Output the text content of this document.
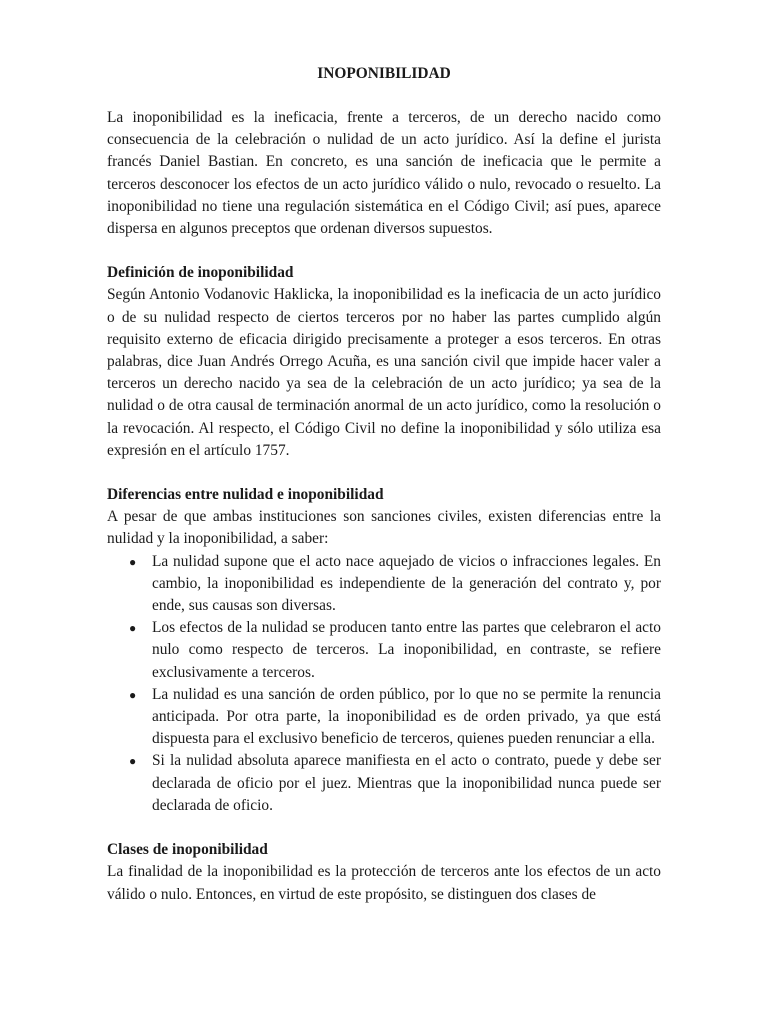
INOPONIBILIDAD

La inoponibilidad es la ineficacia, frente a terceros, de un derecho nacido como consecuencia de la celebración o nulidad de un acto jurídico. Así la define el jurista francés Daniel Bastian. En concreto, es una sanción de ineficacia que le permite a terceros desconocer los efectos de un acto jurídico válido o nulo, revocado o resuelto. La inoponibilidad no tiene una regulación sistemática en el Código Civil; así pues, aparece dispersa en algunos preceptos que ordenan diversos supuestos.

Definición de inoponibilidad

Según Antonio Vodanovic Haklicka, la inoponibilidad es la ineficacia de un acto jurídico o de su nulidad respecto de ciertos terceros por no haber las partes cumplido algún requisito externo de eficacia dirigido precisamente a proteger a esos terceros. En otras palabras, dice Juan Andrés Orrego Acuña, es una sanción civil que impide hacer valer a terceros un derecho nacido ya sea de la celebración de un acto jurídico; ya sea de la nulidad o de otra causal de terminación anormal de un acto jurídico, como la resolución o la revocación. Al respecto, el Código Civil no define la inoponibilidad y sólo utiliza esa expresión en el artículo 1757.

Diferencias entre nulidad e inoponibilidad

A pesar de que ambas instituciones son sanciones civiles, existen diferencias entre la nulidad y la inoponibilidad, a saber:

● La nulidad supone que el acto nace aquejado de vicios o infracciones legales. En cambio, la inoponibilidad es independiente de la generación del contrato y, por ende, sus causas son diversas.
● Los efectos de la nulidad se producen tanto entre las partes que celebraron el acto nulo como respecto de terceros. La inoponibilidad, en contraste, se refiere exclusivamente a terceros.
● La nulidad es una sanción de orden público, por lo que no se permite la renuncia anticipada. Por otra parte, la inoponibilidad es de orden privado, ya que está dispuesta para el exclusivo beneficio de terceros, quienes pueden renunciar a ella.
● Si la nulidad absoluta aparece manifiesta en el acto o contrato, puede y debe ser declarada de oficio por el juez. Mientras que la inoponibilidad nunca puede ser declarada de oficio.
Clases de inoponibilidad

La finalidad de la inoponibilidad es la protección de terceros ante los efectos de un acto válido o nulo. Entonces, en virtud de este propósito, se distinguen dos clases de
